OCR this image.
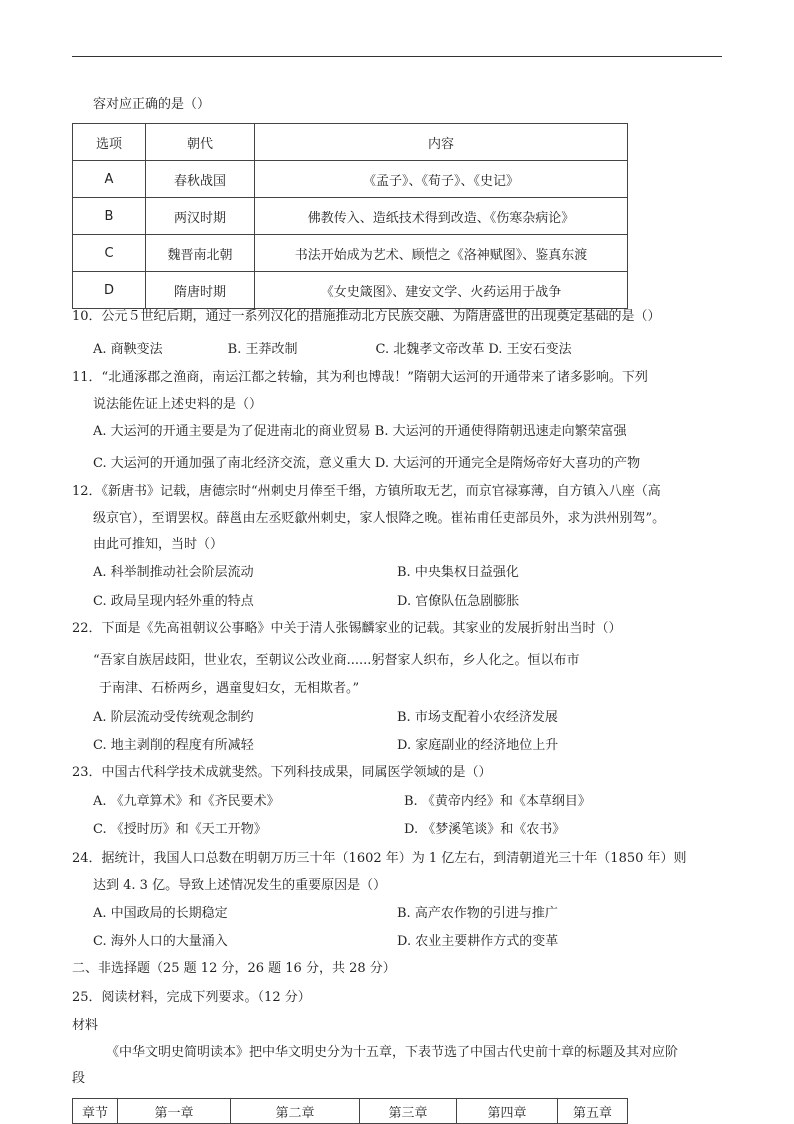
容对应正确的是（）
选项	朝代	内容
A	春秋战国	《孟子》、《荀子》、《史记》
B	两汉时期	佛教传入、造纸技术得到改造、《伤寒杂病论》
C	魏晋南北朝	书法开始成为艺术、顾恺之《洛神赋图》、鉴真东渡
D	隋唐时期	《女史箴图》、建安文学、火药运用于战争
10．公元５世纪后期，通过一系列汉化的措施推动北方民族交融、为隋唐盛世的出现奠定基础的是（）
A. 商鞅变法　　　　　B. 王莽改制　　　　　　C. 北魏孝文帝改革 D. 王安石变法
11．“北通涿郡之渔商，南运江都之转输，其为利也博哉！”隋朝大运河的开通带来了诸多影响。下列
说法能佐证上述史料的是（）
A. 大运河的开通主要是为了促进南北的商业贸易 B. 大运河的开通使得隋朝迅速走向繁荣富强
C. 大运河的开通加强了南北经济交流，意义重大 D. 大运河的开通完全是隋炀帝好大喜功的产物
12．《新唐书》记载，唐德宗时“州刺史月俸至千缗，方镇所取无艺，而京官禄寡薄，自方镇入八座（高
级京官），至谓罢权。薛邕由左丞贬歙州刺史，家人恨降之晚。崔祐甫任吏部员外，求为洪州别驾”。
由此可推知，当时（）
A. 科举制推动社会阶层流动	B. 中央集权日益强化
C. 政局呈现内轻外重的特点	D. 官僚队伍急剧膨胀
22．下面是《先高祖朝议公事略》中关于清人张锡麟家业的记载。其家业的发展折射出当时（）
“吾家自族居歧阳，世业农，至朝议公改业商......躬督家人织布，乡人化之。恒以布市
于南津、石桥两乡，遇童叟妇女，无相欺者。”
A. 阶层流动受传统观念制约	B. 市场支配着小农经济发展
C. 地主剥削的程度有所减轻	D. 家庭副业的经济地位上升
23．中国古代科学技术成就斐然。下列科技成果，同属医学领域的是（）
A. 《九章算术》和《齐民要术》	B. 《黄帝内经》和《本草纲目》
C. 《授时历》和《天工开物》	D. 《梦溪笔谈》和《农书》
24．据统计，我国人口总数在明朝万历三十年（1602 年）为 1 亿左右，到清朝道光三十年（1850 年）则
达到 4. 3 亿。导致上述情况发生的重要原因是（）
A. 中国政局的长期稳定	B. 高产农作物的引进与推广
C. 海外人口的大量涌入	D. 农业主要耕作方式的变革
二、非选择题（25 题 12 分，26 题 16 分，共 28 分）
25．阅读材料，完成下列要求。（12 分）
材料
《中华文明史简明读本》把中华文明史分为十五章，下表节选了中国古代史前十章的标题及其对应阶
段
章节	第一章	第二章	第三章	第四章	第五章
